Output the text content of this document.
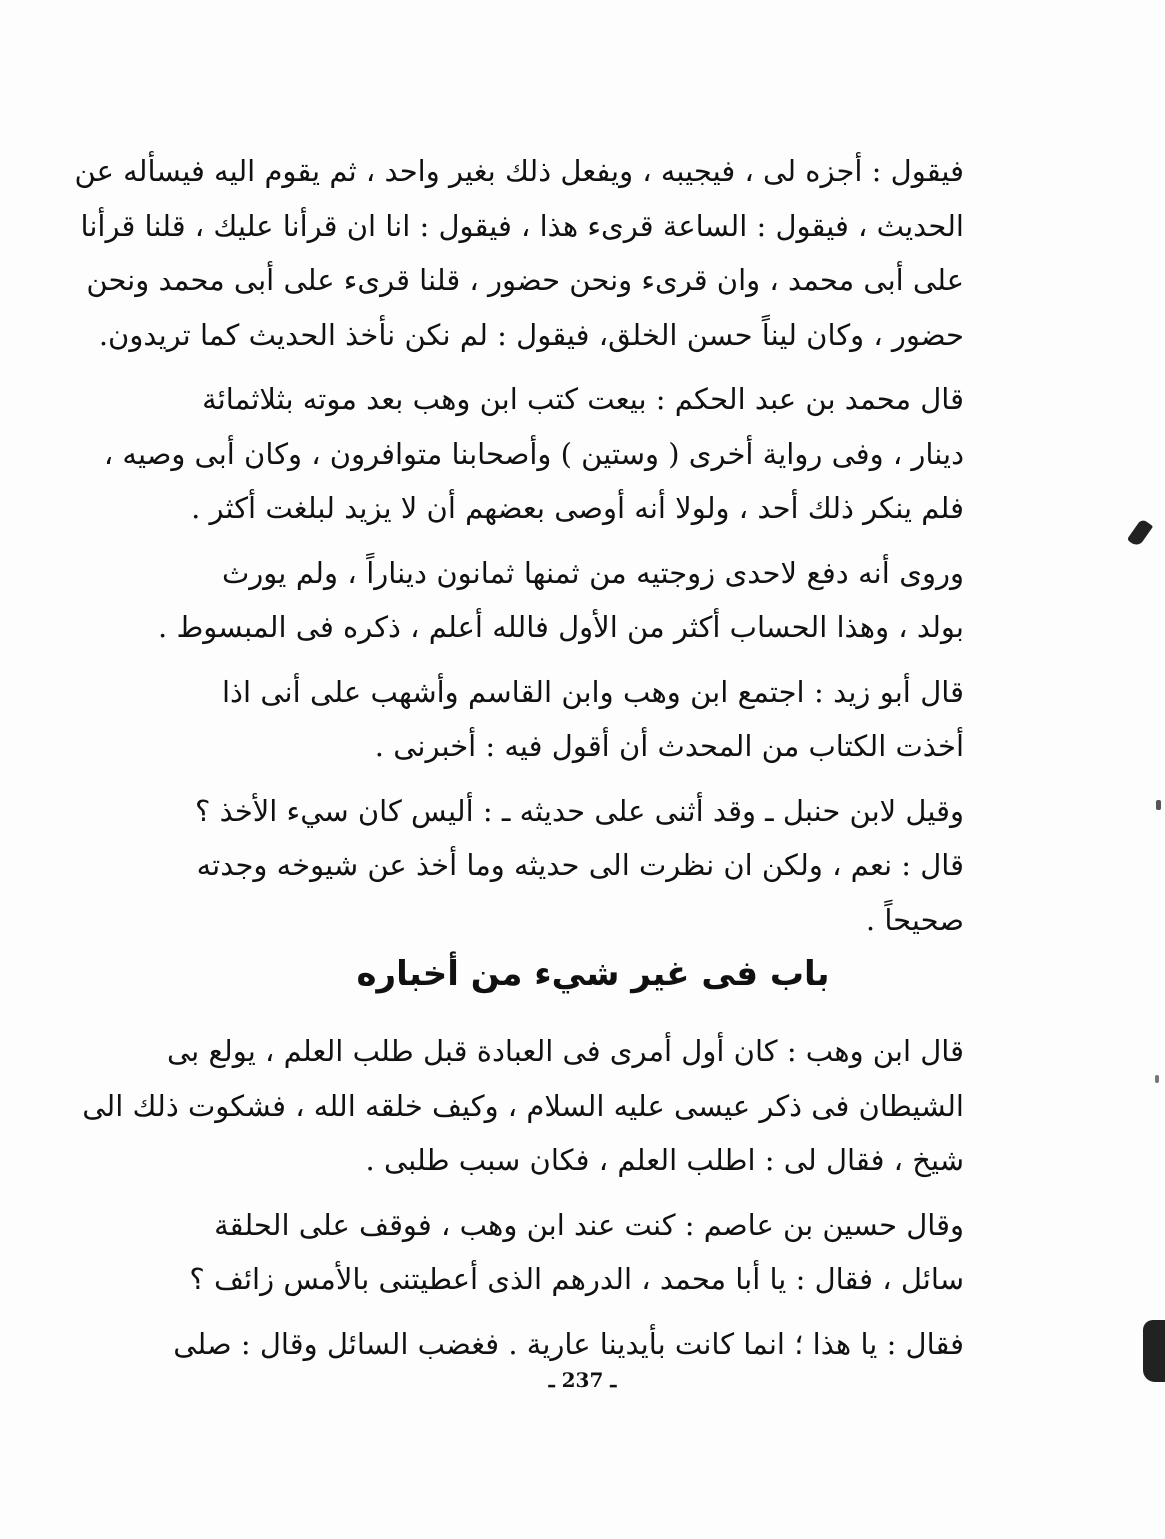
فيقول : أجزه لى ، فيجيبه ، ويفعل ذلك بغير واحد ، ثم يقوم اليه فيسأله عن
الحديث ، فيقول : الساعة قرىء هذا ، فيقول : انا ان قرأنا عليك ، قلنا قرأنا
على أبى محمد ، وان قرىء ونحن حضور ، قلنا قرىء على أبى محمد ونحن
حضور ، وكان ليناً حسن الخلق، فيقول : لم نكن نأخذ الحديث كما تريدون.
قال محمد بن عبد الحكم : بيعت كتب ابن وهب بعد موته بثلاثمائة
دينار ، وفى رواية أخرى ( وستين ) وأصحابنا متوافرون ، وكان أبى وصيه ،
فلم ينكر ذلك أحد ، ولولا أنه أوصى بعضهم أن لا يزيد لبلغت أكثر .
وروى أنه دفع لاحدى زوجتيه من ثمنها ثمانون ديناراً ، ولم يورث
بولد ، وهذا الحساب أكثر من الأول فالله أعلم ، ذكره فى المبسوط .
قال أبو زيد : اجتمع ابن وهب وابن القاسم وأشهب على أنى اذا
أخذت الكتاب من المحدث أن أقول فيه : أخبرنى .
وقيل لابن حنبل ـ وقد أثنى على حديثه ـ : أليس كان سيء الأخذ ؟
قال : نعم ، ولكن ان نظرت الى حديثه وما أخذ عن شيوخه وجدته
صحيحاً .
باب فى غير شيء من أخباره
قال ابن وهب : كان أول أمرى فى العبادة قبل طلب العلم ، يولع بى
الشيطان فى ذكر عيسى عليه السلام ، وكيف خلقه الله ، فشكوت ذلك الى
شيخ ، فقال لى : اطلب العلم ، فكان سبب طلبى .
وقال حسين بن عاصم : كنت عند ابن وهب ، فوقف على الحلقة
سائل ، فقال : يا أبا محمد ، الدرهم الذى أعطيتنى بالأمس زائف ؟
فقال : يا هذا ؛ انما كانت بأيدينا عارية . فغضب السائل وقال : صلى
ـ 237 ـ
